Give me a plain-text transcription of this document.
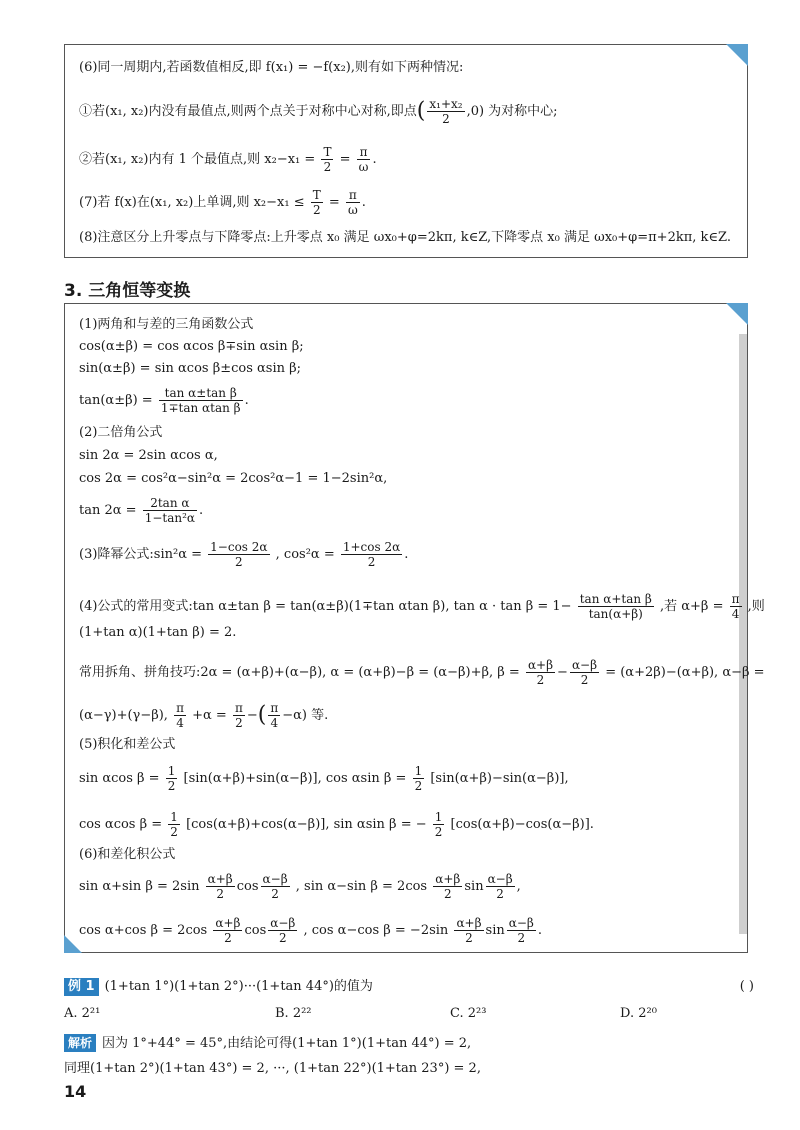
(6)同一周期内,若函数值相反,即 f(x₁) = −f(x₂),则有如下两种情况:
①若(x₁, x₂)内没有最值点,则两个点关于对称中心对称,即点( $\frac{\text{x₁+x₂}}{2} ,0$) 为对称中心;
②若(x₁, x₂)内有 1 个最值点,则 $x_2-x_1 = \frac{T}{2} = \frac{\pi}{\omega}$ .
(7)若 f(x)在(x₁, x₂)上单调,则 $x_2-x_1 \le \frac{T}{2} = \frac{\pi}{\omega}$ .
(8)注意区分上升零点与下降零点:上升零点 x₀ 满足 ωx₀+φ=2kπ, k∈Z,下降零点 x₀ 满足 ωx₀+φ=π+2kπ, k∈Z.
3. 三角恒等变换
(1)两角和与差的三角函数公式
cos(α±β) = cos αcos β∓sin αsin β;
sin(α±β) = sin αcos β±cos αsin β;
$\tan(\alpha\pm\beta) = \frac{\text{tan α±tan β}}{\text{1∓tan αtan β}}$ .
(2)二倍角公式
sin 2α = 2sin αcos α,
cos 2α = cos²α−sin²α = 2cos²α−1 = 1−2sin²α,
$\tan 2\alpha = \frac{\text{2tan α}}{\text{1−tan²α}}$ .
(3)降幂公式:sin²α = $\frac{1-\cos 2\alpha}{2}$ , $\cos^2\alpha = \frac{1+\cos 2\alpha}{2}$ .
(4)公式的常用变式:tan α±tan β = tan(α±β)(1∓tan αtan β), $\tan \alpha \cdot \tan \beta = 1- \frac{\text{tan α+tan β}}{\tan(\alpha+\beta)}$ ,若 $\alpha+\beta = \frac{\pi}{4}$ ,则
(1+tan α)(1+tan β) = 2.
常用拆角、拼角技巧:2α = (α+β)+(α−β), α = (α+β)−β = (α−β)+β, $\beta = \frac{\alpha+\beta}{2} - \frac{\alpha-\beta}{2} = (\alpha+2\beta)-(\alpha+\beta)$, α−β =
(α−γ)+(γ−β), $\frac{\pi}{4} +\alpha = \frac{\pi}{2}$ −( $\frac{\pi}{4} -\alpha$) 等.
(5)积化和差公式
sin αcos $\beta = \frac{1}{2} [\sin(\alpha+\beta)+\sin(\alpha-\beta)]$, cos αsin $\beta = \frac{1}{2} [\sin(\alpha+\beta)-\sin(\alpha-\beta)]$,
cos αcos $\beta = \frac{1}{2} [\cos(\alpha+\beta)+\cos(\alpha-\beta)]$, sin αsin β = − $\frac{1}{2} [\cos(\alpha+\beta)-\cos(\alpha-\beta)]$.
(6)和差化积公式
sin α+sin $\beta = 2\sin \frac{\alpha+\beta}{2}$ $\cos \frac{\alpha-\beta}{2}$ , sin α−sin $\beta = 2\cos \frac{\alpha+\beta}{2}$ $\sin \frac{\alpha-\beta}{2}$ ,
cos α+cos $\beta = 2\cos \frac{\alpha+\beta}{2}$ $\cos \frac{\alpha-\beta}{2}$ , cos α−cos $\beta = -2\sin \frac{\alpha+\beta}{2}$ $\sin \frac{\alpha-\beta}{2}$ .
例 1 (1+tan 1°)(1+tan 2°)···(1+tan 44°)的值为	( )
A. 2²¹	B. 2²²	C. 2²³	D. 2²⁰
解析 因为 1°+44° = 45°,由结论可得(1+tan 1°)(1+tan 44°) = 2,
同理(1+tan 2°)(1+tan 43°) = 2, ···, (1+tan 22°)(1+tan 23°) = 2,
14
